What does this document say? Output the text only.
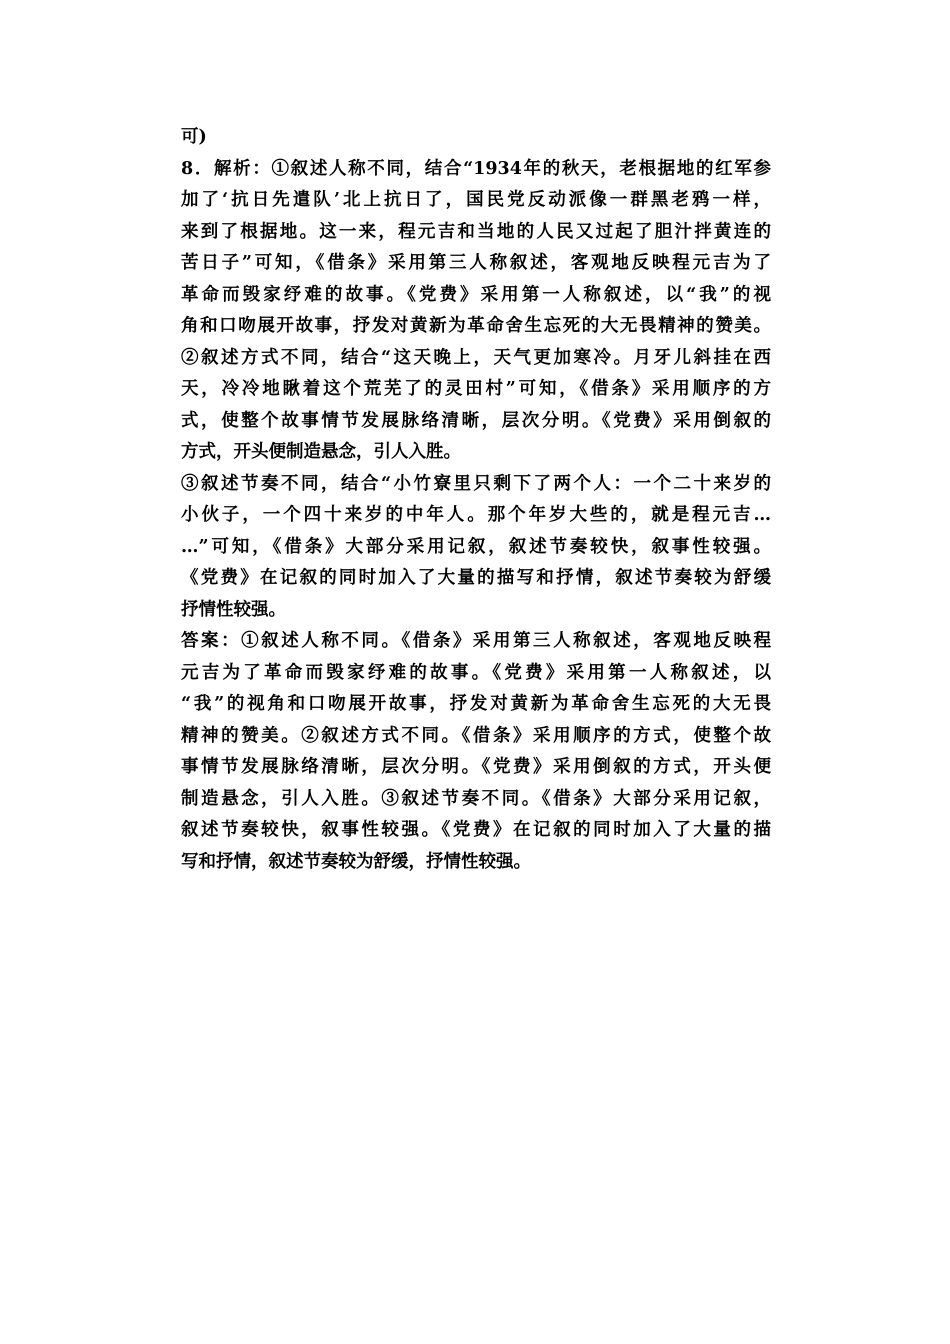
可)
8．解析：①叙述人称不同，结合“1934年的秋天，老根据地的红军参
加了‘抗日先遣队’北上抗日了，国民党反动派像一群黑老鸦一样，
来到了根据地。这一来，程元吉和当地的人民又过起了胆汁拌黄连的
苦日子”可知，《借条》采用第三人称叙述，客观地反映程元吉为了
革命而毁家纾难的故事。《党费》采用第一人称叙述，以“我”的视
角和口吻展开故事，抒发对黄新为革命舍生忘死的大无畏精神的赞美。
②叙述方式不同，结合“这天晚上，天气更加寒冷。月牙儿斜挂在西
天，冷冷地瞅着这个荒芜了的灵田村”可知，《借条》采用顺序的方
式，使整个故事情节发展脉络清晰，层次分明。《党费》采用倒叙的
方式，开头便制造悬念，引人入胜。
③叙述节奏不同，结合“小竹寮里只剩下了两个人：一个二十来岁的
小伙子，一个四十来岁的中年人。那个年岁大些的，就是程元吉…
…”可知，《借条》大部分采用记叙，叙述节奏较快，叙事性较强。
《党费》在记叙的同时加入了大量的描写和抒情，叙述节奏较为舒缓
抒情性较强。
答案：①叙述人称不同。《借条》采用第三人称叙述，客观地反映程
元吉为了革命而毁家纾难的故事。《党费》采用第一人称叙述，以
“我”的视角和口吻展开故事，抒发对黄新为革命舍生忘死的大无畏
精神的赞美。②叙述方式不同。《借条》采用顺序的方式，使整个故
事情节发展脉络清晰，层次分明。《党费》采用倒叙的方式，开头便
制造悬念，引人入胜。③叙述节奏不同。《借条》大部分采用记叙，
叙述节奏较快，叙事性较强。《党费》在记叙的同时加入了大量的描
写和抒情，叙述节奏较为舒缓，抒情性较强。
